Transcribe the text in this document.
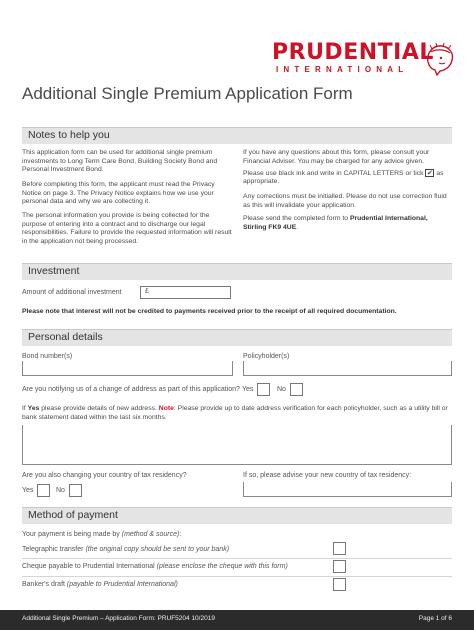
PRUDENTIAL
INTERNATIONAL
Additional Single Premium Application Form
Notes to help you
This application form can be used for additional single premium investments to Long Term Care Bond, Building Society Bond and Personal Investment Bond.
Before completing this form, the applicant must read the Privacy Notice on page 3. The Privacy Notice explains how we use your personal data and why we are collecting it.
The personal information you provide is being collected for the purpose of entering into a contract and to discharge our legal responsibilities. Failure to provide the requested information will result in the application not being processed.
If you have any questions about this form, please consult your Financial Adviser. You may be charged for any advice given.
Please use black ink and write in CAPITAL LETTERS or tick ✔ as appropriate.
Any corrections must be initialled. Please do not use correction fluid as this will invalidate your application.
Please send the completed form to Prudential International, Stirling FK9 4UE.
Investment
Amount of additional investment	£
Please note that interest will not be credited to payments received prior to the receipt of all required documentation.
Personal details
Bond number(s)	Policyholder(s)
Are you notifying us of a change of address as part of this application? Yes	No
If Yes please provide details of new address. Note: Please provide up to date address verification for each policyholder, such as a utility bill or bank statement dated within the last six months.
Are you also changing your country of tax residency?
Yes	No
If so, please advise your new country of tax residency:
Method of payment
Your payment is being made by (method & source):
Telegraphic transfer (the original copy should be sent to your bank)
Cheque payable to Prudential International (please enclose the cheque with this form)
Banker's draft (payable to Prudential International)
Additional Single Premium – Application Form: PRUF5204 10/2019	Page 1 of 6
